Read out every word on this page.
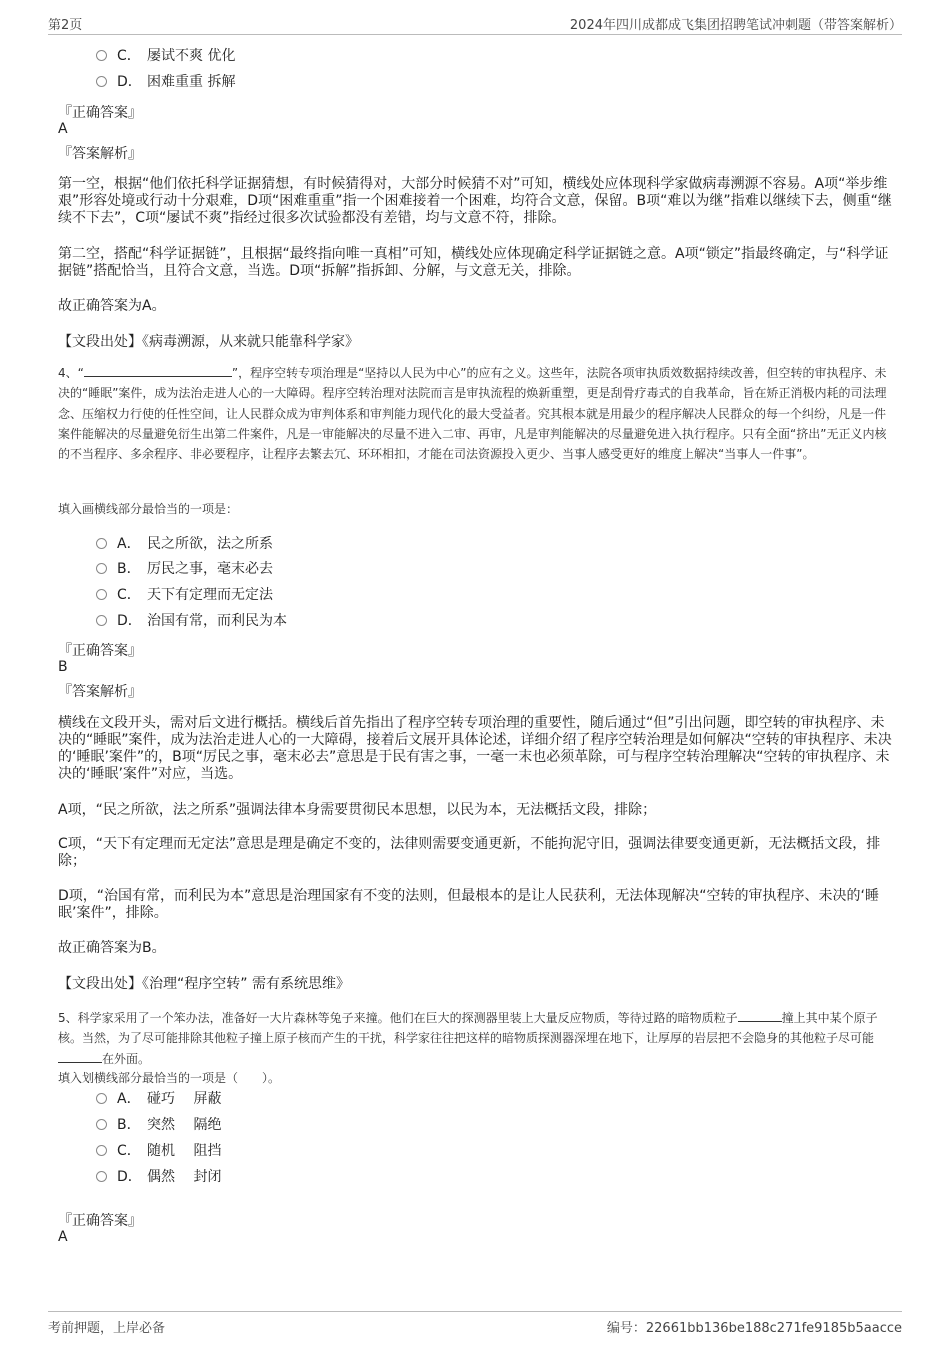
第2页	2024年四川成都成飞集团招聘笔试冲刺题（带答案解析）
C． 屡试不爽 优化
D． 困难重重 拆解
『正确答案』
A
『答案解析』
第一空，根据“他们依托科学证据猜想，有时候猜得对，大部分时候猜不对”可知，横线处应体现科学家做病毒溯源不容易。A项“举步维艰”形容处境或行动十分艰难，D项“困难重重”指一个困难接着一个困难，均符合文意，保留。B项“难以为继”指难以继续下去，侧重“继续不下去”，C项“屡试不爽”指经过很多次试验都没有差错，均与文意不符，排除。
第二空，搭配“科学证据链”，且根据“最终指向唯一真相”可知，横线处应体现确定科学证据链之意。A项“锁定”指最终确定，与“科学证据链”搭配恰当，且符合文意，当选。D项“拆解”指拆卸、分解，与文意无关，排除。
故正确答案为A。
【文段出处】《病毒溯源，从来就只能靠科学家》
4、“	”，程序空转专项治理是“坚持以人民为中心”的应有之义。这些年，法院各项审执质效数据持续改善，但空转的审执程序、未决的“睡眠”案件，成为法治走进人心的一大障碍。程序空转治理对法院而言是审执流程的焕新重塑，更是刮骨疗毒式的自我革命，旨在矫正消极内耗的司法理念、压缩权力行使的任性空间，让人民群众成为审判体系和审判能力现代化的最大受益者。究其根本就是用最少的程序解决人民群众的每一个纠纷，凡是一件案件能解决的尽量避免衍生出第二件案件，凡是一审能解决的尽量不进入二审、再审，凡是审判能解决的尽量避免进入执行程序。只有全面“挤出”无正义内核的不当程序、多余程序、非必要程序，让程序去繁去冗、环环相扣，才能在司法资源投入更少、当事人感受更好的维度上解决“当事人一件事”。
填入画横线部分最恰当的一项是：
A． 民之所欲，法之所系
B． 厉民之事，毫末必去
C． 天下有定理而无定法
D． 治国有常，而利民为本
『正确答案』
B
『答案解析』
横线在文段开头，需对后文进行概括。横线后首先指出了程序空转专项治理的重要性，随后通过“但”引出问题，即空转的审执程序、未决的“睡眠”案件，成为法治走进人心的一大障碍，接着后文展开具体论述，详细介绍了程序空转治理是如何解决“空转的审执程序、未决的‘睡眠’案件”的，B项“厉民之事，毫末必去”意思是于民有害之事，一毫一末也必须革除，可与程序空转治理解决“空转的审执程序、未决的‘睡眠’案件”对应，当选。
A项，“民之所欲，法之所系”强调法律本身需要贯彻民本思想，以民为本，无法概括文段，排除；
C项，“天下有定理而无定法”意思是理是确定不变的，法律则需要变通更新，不能拘泥守旧，强调法律要变通更新，无法概括文段，排除；
D项，“治国有常，而利民为本”意思是治理国家有不变的法则，但最根本的是让人民获利，无法体现解决“空转的审执程序、未决的‘睡眠’案件”，排除。
故正确答案为B。
【文段出处】《治理“程序空转” 需有系统思维》
5、科学家采用了一个笨办法，准备好一大片森林等兔子来撞。他们在巨大的探测器里装上大量反应物质，等待过路的暗物质粒子	撞上其中某个原子核。当然，为了尽可能排除其他粒子撞上原子核而产生的干扰，科学家往往把这样的暗物质探测器深埋在地下，让厚厚的岩层把不会隐身的其他粒子尽可能在外面。
填入划横线部分最恰当的一项是（　　）。
A． 碰巧　 屏蔽
B． 突然　 隔绝
C． 随机　 阻挡
D． 偶然　 封闭
『正确答案』
A
考前押题，上岸必备	编号：22661bb136be188c271fe9185b5aacce
